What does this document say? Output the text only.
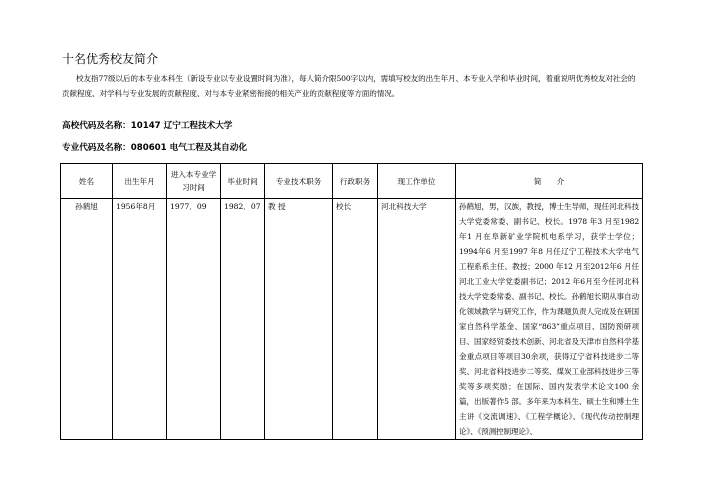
十名优秀校友简介
校友指77级以后的本专业本科生（新设专业以专业设置时间为准），每人简介限500字以内，需填写校友的出生年月、本专业入学和毕业时间，着重说明优秀校友对社会的贡献程度、对学科与专业发展的贡献程度、对与本专业紧密衔接的相关产业的贡献程度等方面的情况。
高校代码及名称：10147 辽宁工程技术大学
专业代码及名称：080601 电气工程及其自动化
姓名	出生年月	进入本专业学习时间	毕业时间	专业技术职务	行政职务	现工作单位	简　　介
孙鹤旭	1956年8月	1977．09	1982．07	教 授	校长	河北科技大学	孙鹤旭，男，汉族，教授，博士生导师，现任河北科技大学党委常委、副书记、校长。1978 年3 月至1982 年1 月在阜新矿业学院机电系学习，获学士学位；1994年6 月至1997 年8 月任辽宁工程技术大学电气工程系系主任、教授；2000 年12 月至2012年6 月任河北工业大学党委副书记；2012 年6月至今任河北科技大学党委常委、副书记、校长。孙鹤旭长期从事自动化领域教学与研究工作，作为课题负责人完成及在研国家自然科学基金、国家“863”重点项目、国防预研项目、国家经贸委技术创新、河北省及天津市自然科学基金重点项目等项目30余项，获得辽宁省科技进步二等奖、河北省科技进步二等奖、煤炭工业部科技进步三等奖等多项奖励；在国际、国内发表学术论文100 余篇，出版著作5 部。多年来为本科生、硕士生和博士生主讲《交流调速》、《工程学概论》、《现代传动控制理论》、《预测控制理论》、
